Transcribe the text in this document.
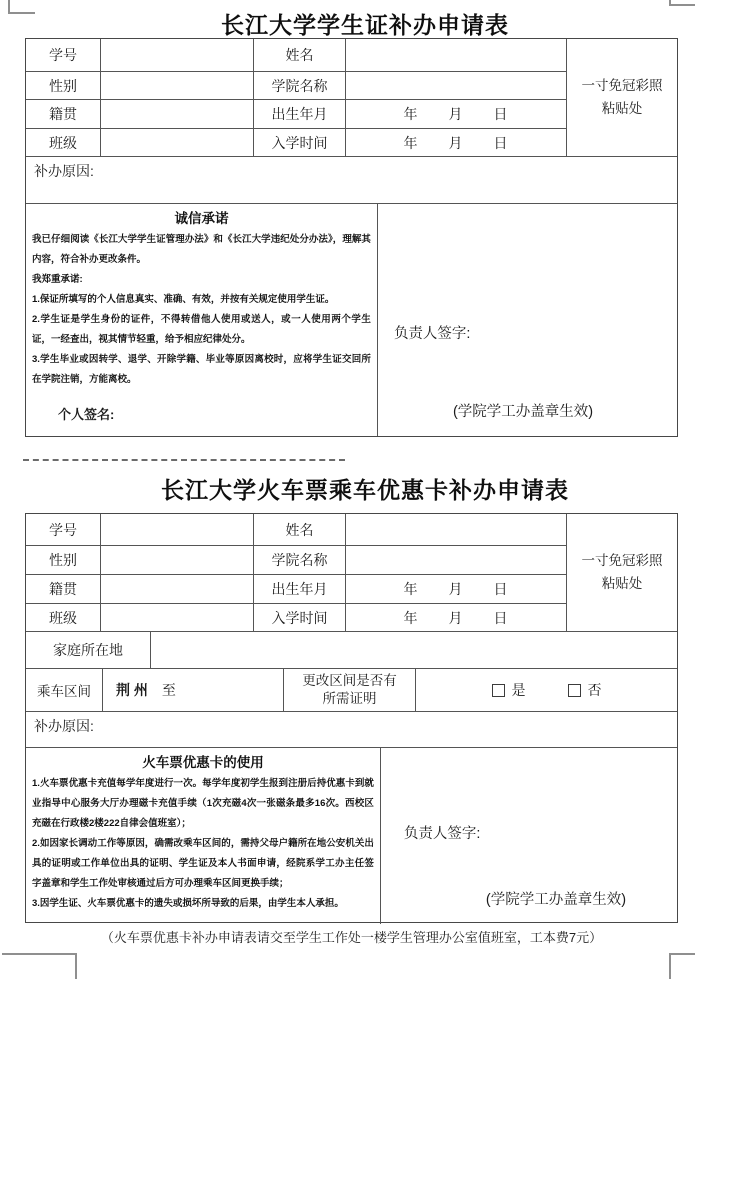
长江大学学生证补办申请表
学号	姓名
性别	学院名称
籍贯	出生年月	年　　月　　日
班级	入学时间	年　　月　　日
一寸免冠彩照
粘贴处
补办原因:
诚信承诺
我已仔细阅读《长江大学学生证管理办法》和《长江大学违纪处分办法》，理解其内容，符合补办更改条件。
我郑重承诺:
1.保证所填写的个人信息真实、准确、有效，并按有关规定使用学生证。
2.学生证是学生身份的证件，不得转借他人使用或送人，或一人使用两个学生证，一经查出，视其情节轻重，给予相应纪律处分。
3.学生毕业或因转学、退学、开除学籍、毕业等原因离校时，应将学生证交回所在学院注销，方能离校。
个人签名:
负责人签字:
(学院学工办盖章生效)
长江大学火车票乘车优惠卡补办申请表
学号	姓名
性别	学院名称
籍贯	出生年月	年　　月　　日
班级	入学时间	年　　月　　日
一寸免冠彩照
粘贴处
家庭所在地
乘车区间	荆 州 至
更改区间是否有
所需证明
是	否
补办原因:
火车票优惠卡的使用
1.火车票优惠卡充值每学年度进行一次。每学年度初学生报到注册后持优惠卡到就业指导中心服务大厅办理磁卡充值手续（1次充磁4次一张磁条最多16次。西校区充磁在行政楼2楼222自律会值班室）；
2.如因家长调动工作等原因，确需改乘车区间的，需持父母户籍所在地公安机关出具的证明或工作单位出具的证明、学生证及本人书面申请，经院系学工办主任签字盖章和学生工作处审核通过后方可办理乘车区间更换手续；
3.因学生证、火车票优惠卡的遗失或损坏所导致的后果，由学生本人承担。
负责人签字:
(学院学工办盖章生效)
（火车票优惠卡补办申请表请交至学生工作处一楼学生管理办公室值班室，工本费7元）
